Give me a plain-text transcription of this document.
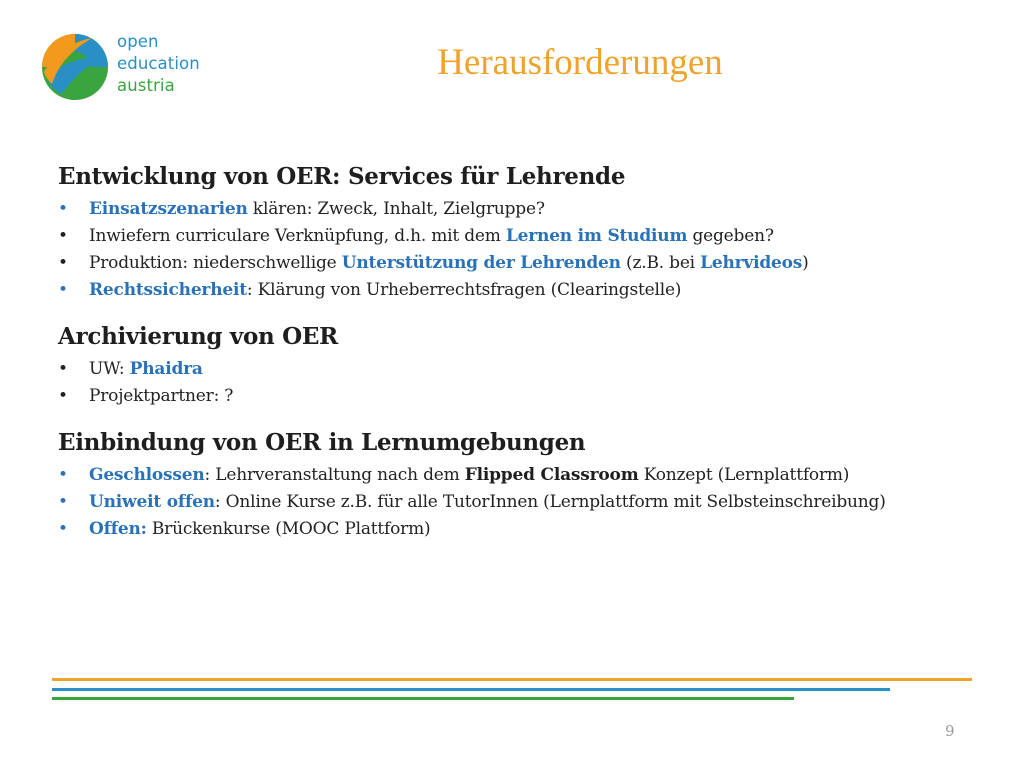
open
education
austria
Herausforderungen
Entwicklung von OER: Services für Lehrende
• Einsatzszenarien klären: Zweck, Inhalt, Zielgruppe?
• Inwiefern curriculare Verknüpfung, d.h. mit dem Lernen im Studium gegeben?
• Produktion: niederschwellige Unterstützung der Lehrenden (z.B. bei Lehrvideos)
• Rechtssicherheit: Klärung von Urheberrechtsfragen (Clearingstelle)
Archivierung von OER
• UW: Phaidra
• Projektpartner: ?
Einbindung von OER in Lernumgebungen
• Geschlossen: Lehrveranstaltung nach dem Flipped Classroom Konzept (Lernplattform)
• Uniweit offen: Online Kurse z.B. für alle TutorInnen (Lernplattform mit Selbsteinschreibung)
• Offen: Brückenkurse (MOOC Plattform)
9
